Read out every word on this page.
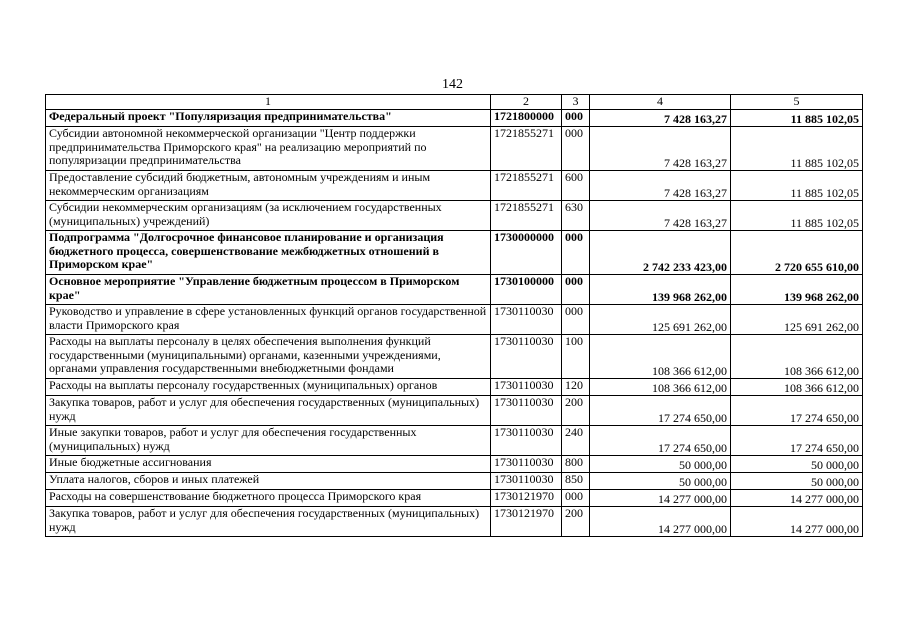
142
1	2	3	4	5
Федеральный проект "Популяризация предпринимательства"	1721800000	000	7 428 163,27	11 885 102,05
Субсидии автономной некоммерческой организации "Центр поддержки предпринимательства Приморского края" на реализацию мероприятий по популяризации предпринимательства	1721855271	000	7 428 163,27	11 885 102,05
Предоставление субсидий бюджетным, автономным учреждениям и иным некоммерческим организациям	1721855271	600	7 428 163,27	11 885 102,05
Субсидии некоммерческим организациям (за исключением государственных (муниципальных) учреждений)	1721855271	630	7 428 163,27	11 885 102,05
Подпрограмма "Долгосрочное финансовое планирование и организация бюджетного процесса, совершенствование межбюджетных отношений в Приморском крае"	1730000000	000	2 742 233 423,00	2 720 655 610,00
Основное мероприятие "Управление бюджетным процессом в Приморском крае"	1730100000	000	139 968 262,00	139 968 262,00
Руководство и управление в сфере установленных функций органов государственной власти Приморского края	1730110030	000	125 691 262,00	125 691 262,00
Расходы на выплаты персоналу в целях обеспечения выполнения функций государственными (муниципальными) органами, казенными учреждениями, органами управления государственными внебюджетными фондами	1730110030	100	108 366 612,00	108 366 612,00
Расходы на выплаты персоналу государственных (муниципальных) органов	1730110030	120	108 366 612,00	108 366 612,00
Закупка товаров, работ и услуг для обеспечения государственных (муниципальных) нужд	1730110030	200	17 274 650,00	17 274 650,00
Иные закупки товаров, работ и услуг для обеспечения государственных (муниципальных) нужд	1730110030	240	17 274 650,00	17 274 650,00
Иные бюджетные ассигнования	1730110030	800	50 000,00	50 000,00
Уплата налогов, сборов и иных платежей	1730110030	850	50 000,00	50 000,00
Расходы на совершенствование бюджетного процесса Приморского края	1730121970	000	14 277 000,00	14 277 000,00
Закупка товаров, работ и услуг для обеспечения государственных (муниципальных) нужд	1730121970	200	14 277 000,00	14 277 000,00
